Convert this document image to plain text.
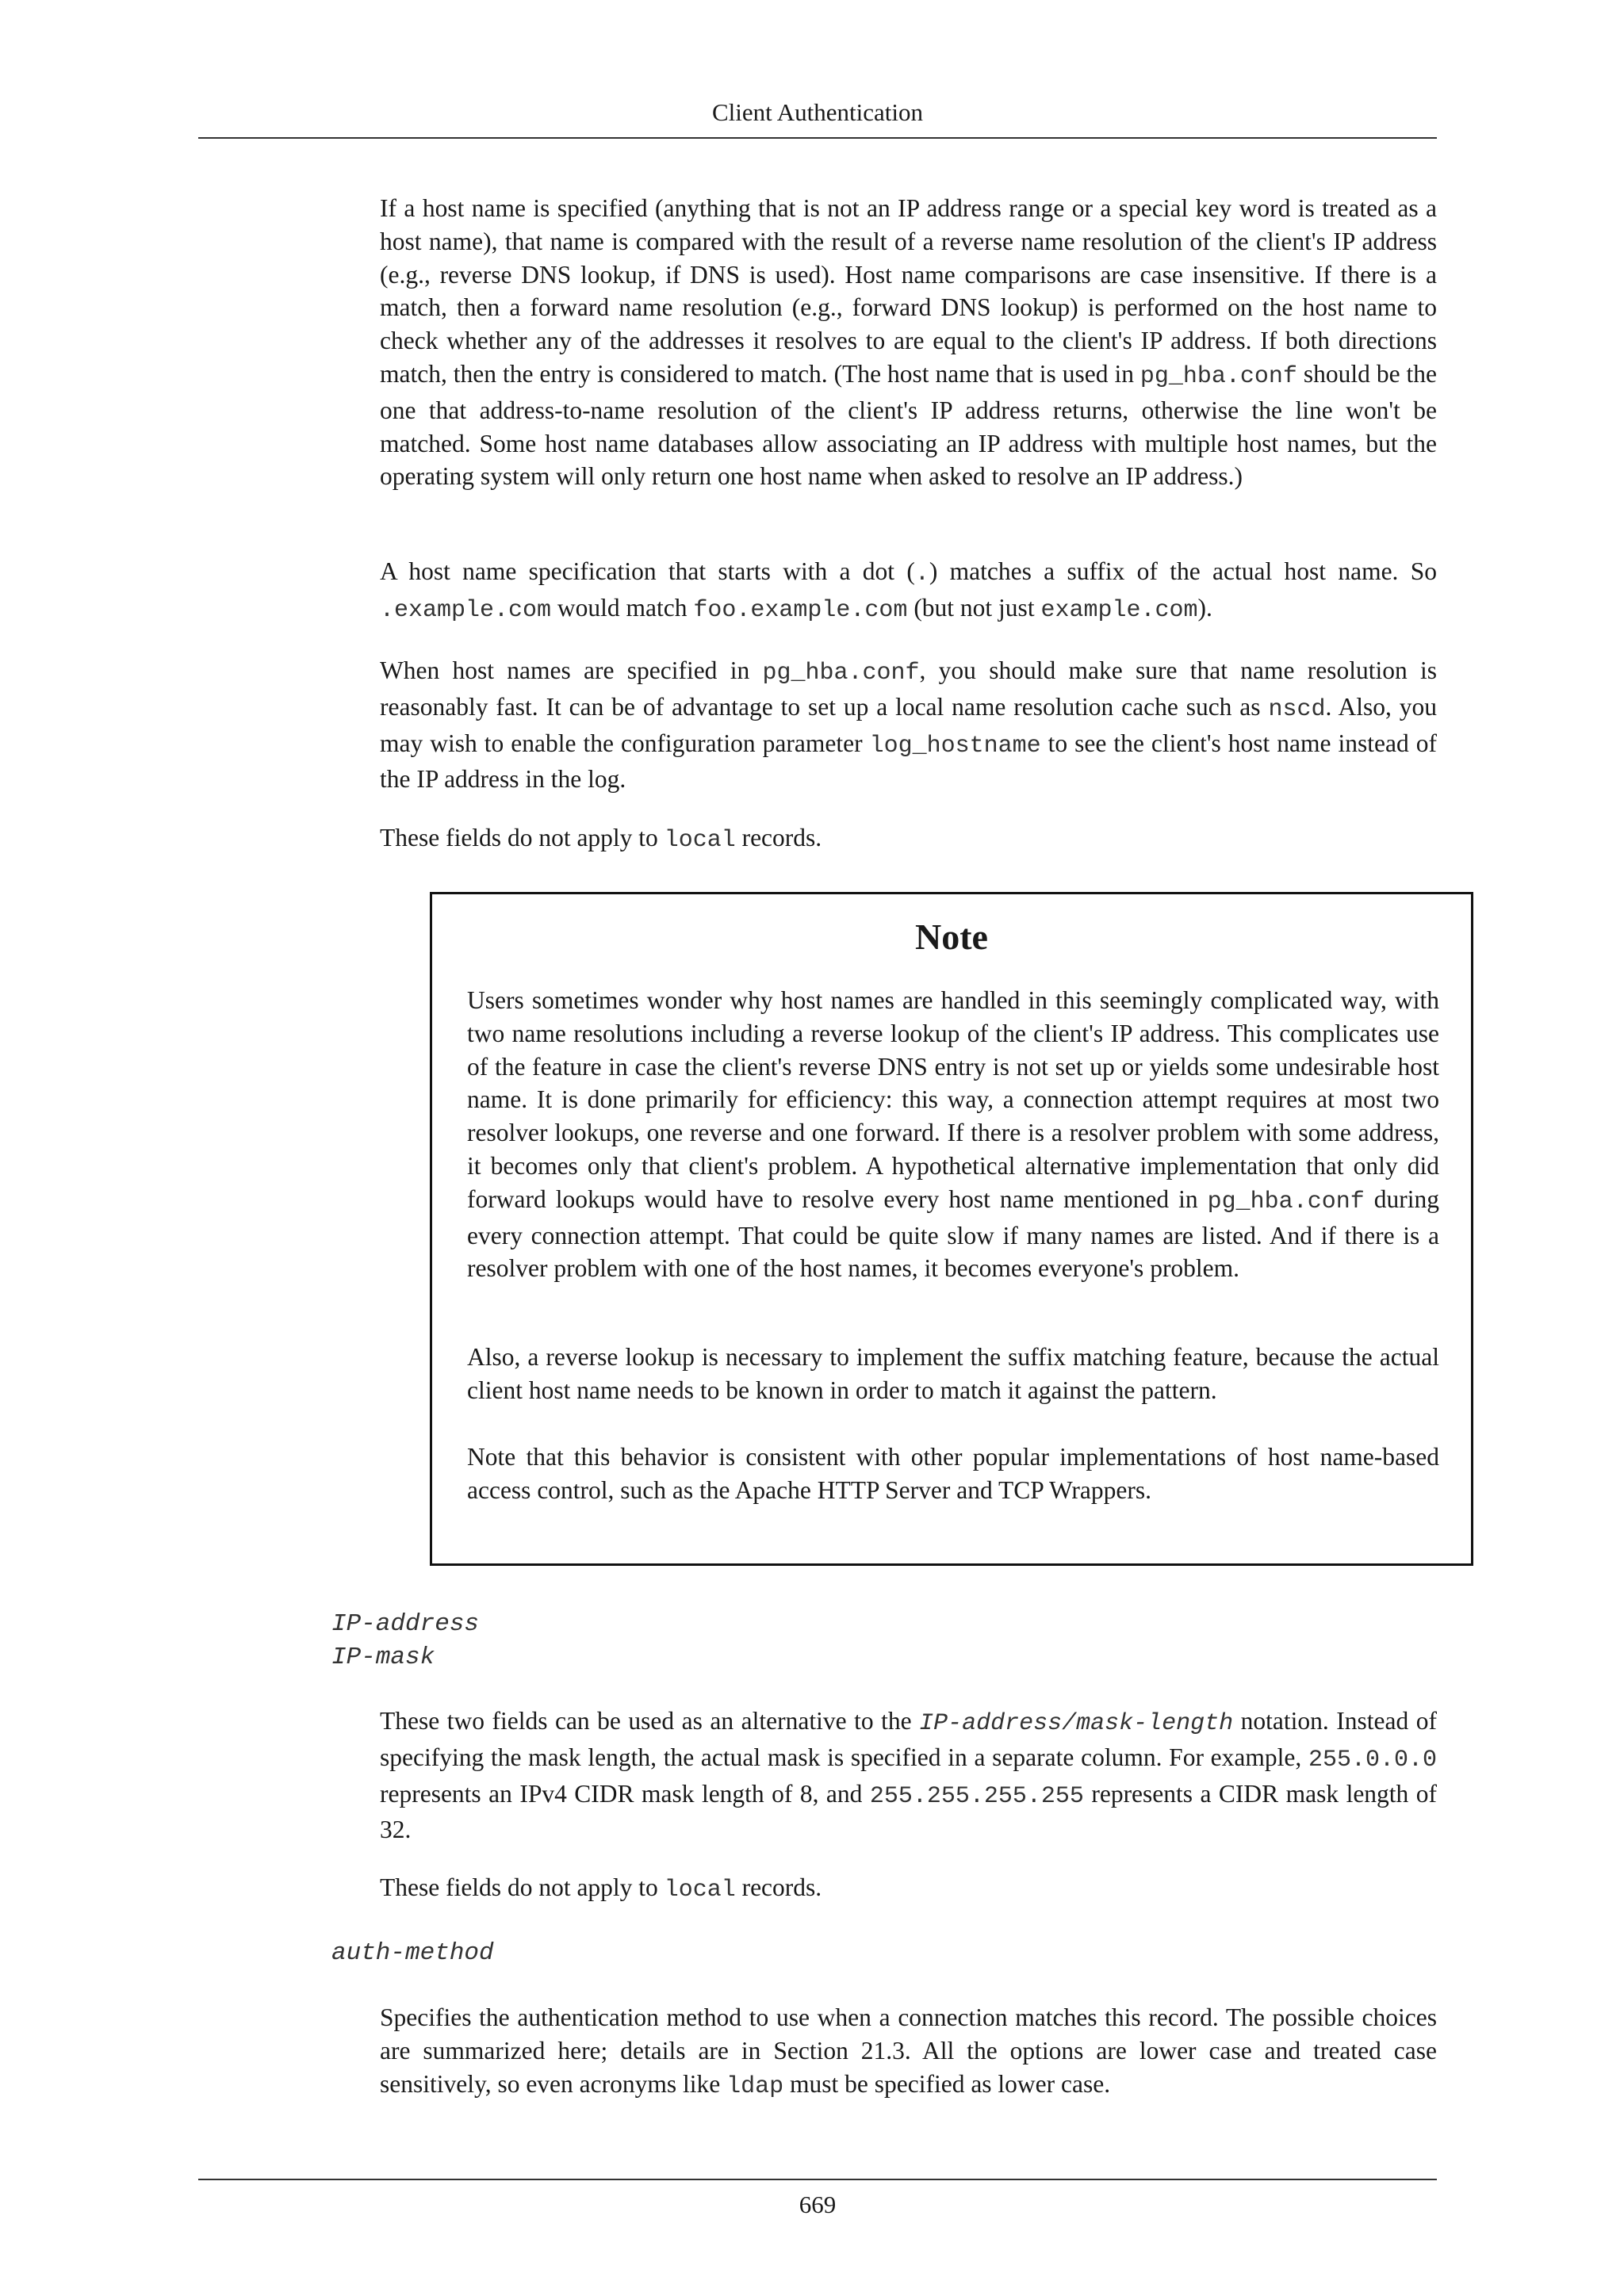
Client Authentication

If a host name is specified (anything that is not an IP address range or a special key word is treated as a host name), that name is compared with the result of a reverse name resolution of the client's IP address (e.g., reverse DNS lookup, if DNS is used). Host name comparisons are case insensitive. If there is a match, then a forward name resolution (e.g., forward DNS lookup) is performed on the host name to check whether any of the addresses it resolves to are equal to the client's IP address. If both directions match, then the entry is considered to match. (The host name that is used in pg_hba.conf should be the one that address-to-name resolution of the client's IP address returns, otherwise the line won't be matched. Some host name databases allow associating an IP address with multiple host names, but the operating system will only return one host name when asked to resolve an IP address.)

A host name specification that starts with a dot (.) matches a suffix of the actual host name. So .example.com would match foo.example.com (but not just example.com).

When host names are specified in pg_hba.conf, you should make sure that name resolution is reasonably fast. It can be of advantage to set up a local name resolution cache such as nscd. Also, you may wish to enable the configuration parameter log_hostname to see the client's host name instead of the IP address in the log.

These fields do not apply to local records.

Note

Users sometimes wonder why host names are handled in this seemingly complicated way, with two name resolutions including a reverse lookup of the client's IP address. This complicates use of the feature in case the client's reverse DNS entry is not set up or yields some undesirable host name. It is done primarily for efficiency: this way, a connection attempt requires at most two resolver lookups, one reverse and one forward. If there is a resolver problem with some address, it becomes only that client's problem. A hypothetical alternative implementation that only did forward lookups would have to resolve every host name mentioned in pg_hba.conf during every connection attempt. That could be quite slow if many names are listed. And if there is a resolver problem with one of the host names, it becomes everyone's problem.

Also, a reverse lookup is necessary to implement the suffix matching feature, because the actual client host name needs to be known in order to match it against the pattern.

Note that this behavior is consistent with other popular implementations of host name-based access control, such as the Apache HTTP Server and TCP Wrappers.

IP-address
IP-mask

These two fields can be used as an alternative to the IP-address/mask-length notation. Instead of specifying the mask length, the actual mask is specified in a separate column. For example, 255.0.0.0 represents an IPv4 CIDR mask length of 8, and 255.255.255.255 represents a CIDR mask length of 32.

These fields do not apply to local records.

auth-method

Specifies the authentication method to use when a connection matches this record. The possible choices are summarized here; details are in Section 21.3. All the options are lower case and treated case sensitively, so even acronyms like ldap must be specified as lower case.

669
